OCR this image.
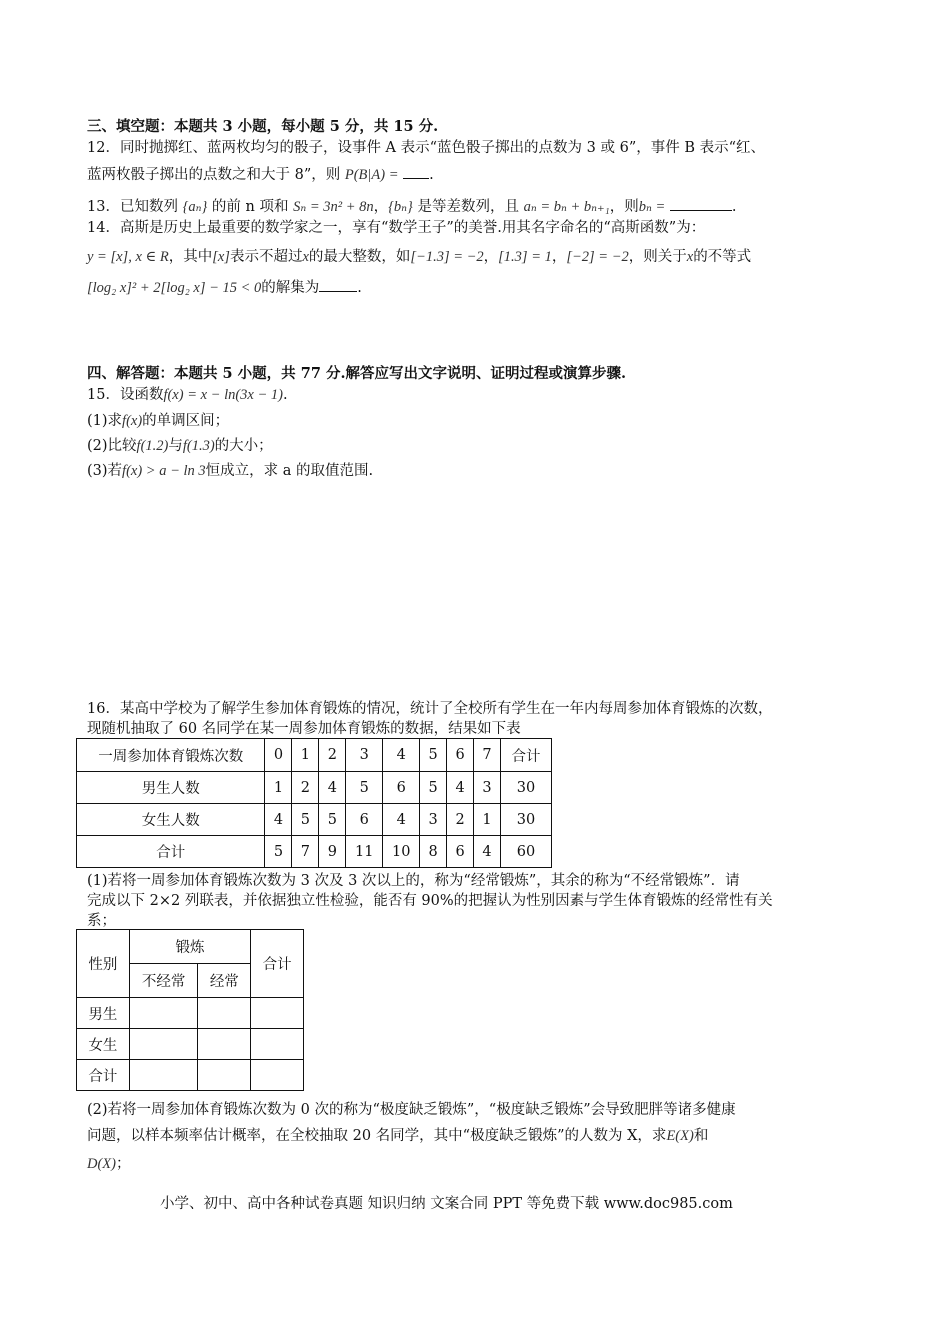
三、填空题：本题共 3 小题，每小题 5 分，共 15 分.
12．同时抛掷红、蓝两枚均匀的骰子，设事件 A 表示“蓝色骰子掷出的点数为 3 或 6”，事件 B 表示“红、
蓝两枚骰子掷出的点数之和大于 8”，则 P(B|A) = .
13．已知数列 {aₙ} 的前 n 项和 Sₙ = 3n² + 8n，{bₙ} 是等差数列，且 aₙ = bₙ + bₙ₊₁，则bₙ =	.
14．高斯是历史上最重要的数学家之一，享有“数学王子”的美誉.用其名字命名的“高斯函数”为：
y = [x], x ∈ R，其中[x]表示不超过x的最大整数，如[−1.3] = −2，[1.3] = 1，[−2] = −2，则关于x的不等式
[log₂ x]² + 2[log₂ x] − 15 < 0的解集为	.
四、解答题：本题共 5 小题，共 77 分.解答应写出文字说明、证明过程或演算步骤.
15．设函数f(x) = x − ln(3x − 1).
(1)求f(x)的单调区间；
(2)比较f(1.2)与f(1.3)的大小；
(3)若f(x) > a − ln 3恒成立，求 a 的取值范围.
16．某高中学校为了解学生参加体育锻炼的情况，统计了全校所有学生在一年内每周参加体育锻炼的次数，
现随机抽取了 60 名同学在某一周参加体育锻炼的数据，结果如下表
一周参加体育锻炼次数	0	1	2	3	4	5	6	7	合计
男生人数	1	2	4	5	6	5	4	3	30
女生人数	4	5	5	6	4	3	2	1	30
合计	5	7	9	11	10	8	6	4	60
(1)若将一周参加体育锻炼次数为 3 次及 3 次以上的，称为“经常锻炼”，其余的称为“不经常锻炼”．请
完成以下 2×2 列联表，并依据独立性检验，能否有 90%的把握认为性别因素与学生体育锻炼的经常性有关
系；
性别	锻炼		合计
	不经常	经常	
男生			
女生			
合计			
(2)若将一周参加体育锻炼次数为 0 次的称为“极度缺乏锻炼”，“极度缺乏锻炼”会导致肥胖等诸多健康
问题，以样本频率估计概率，在全校抽取 20 名同学，其中“极度缺乏锻炼”的人数为 X，求E(X)和
D(X)；
小学、初中、高中各种试卷真题 知识归纳 文案合同 PPT 等免费下载 www.doc985.com
